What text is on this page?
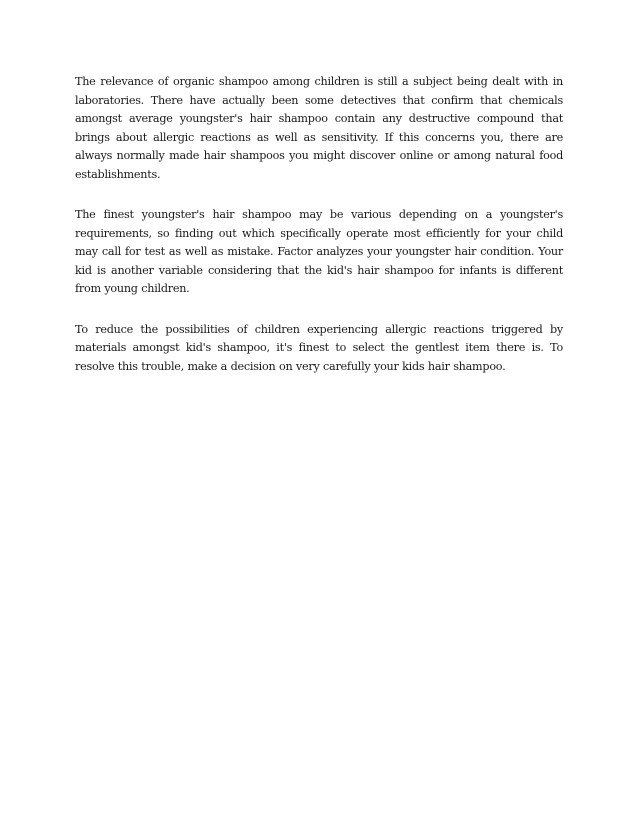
The relevance of organic shampoo among children is still a subject being dealt with in laboratories. There have actually been some detectives that confirm that chemicals amongst average youngster's hair shampoo contain any destructive compound that brings about allergic reactions as well as sensitivity. If this concerns you, there are always normally made hair shampoos you might discover online or among natural food establishments.

The finest youngster's hair shampoo may be various depending on a youngster's requirements, so finding out which specifically operate most efficiently for your child may call for test as well as mistake. Factor analyzes your youngster hair condition. Your kid is another variable considering that the kid's hair shampoo for infants is different from young children.

To reduce the possibilities of children experiencing allergic reactions triggered by materials amongst kid's shampoo, it's finest to select the gentlest item there is. To resolve this trouble, make a decision on very carefully your kids hair shampoo.
